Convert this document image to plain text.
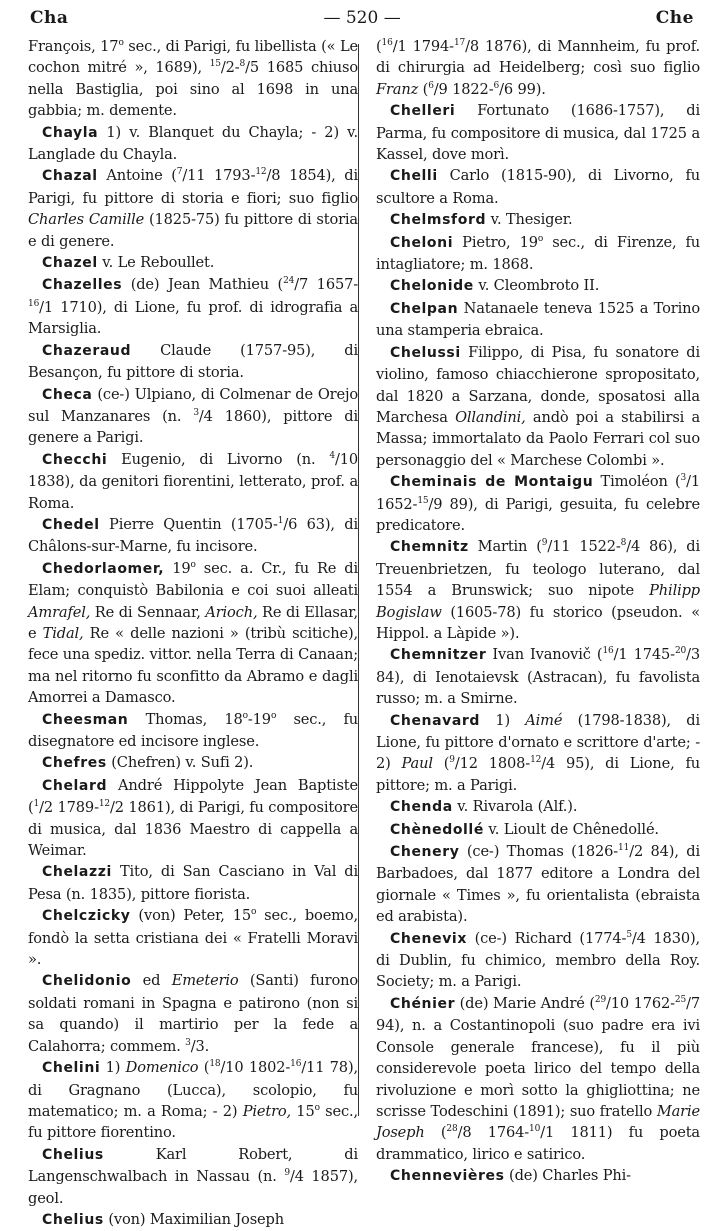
Cha	— 520 —	Che

François, 17$^o$ sec., di Parigi, fu libellista (« Le cochon mitré », 1689), $^{15}$/2-$^8$/5 1685 chiuso nella Bastiglia, poi sino al 1698 in una gabbia; m. demente.

Chayla 1) v. Blanquet du Chayla; - 2) v. Langlade du Chayla.

Chazal Antoine ($^7$/11 1793-$^{12}$/8 1854), di Parigi, fu pittore di storia e fiori; suo figlio Charles Camille (1825-75) fu pittore di storia e di genere.

Chazel v. Le Reboullet.

Chazelles (de) Jean Mathieu ($^{24}$/7 1657-$^{16}$/1 1710), di Lione, fu prof. di idrografia a Marsiglia.

Chazeraud Claude (1757-95), di Besançon, fu pittore di storia.

Checa (ce-) Ulpiano, di Colmenar de Orejo sul Manzanares (n. $^3$/4 1860), pittore di genere a Parigi.

Checchi Eugenio, di Livorno (n. $^4$/10 1838), da genitori fiorentini, letterato, prof. a Roma.

Chedel Pierre Quentin (1705-$^1$/6 63), di Châlons-sur-Marne, fu incisore.

Chedorlaomer, 19$^o$ sec. a. Cr., fu Re di Elam; conquistò Babilonia e coi suoi alleati Amrafel, Re di Sennaar, Arioch, Re di Ellasar, e Tidal, Re « delle nazioni » (tribù scitiche), fece una spediz. vittor. nella Terra di Canaan; ma nel ritorno fu sconfitto da Abramo e dagli Amorrei a Damasco.

Cheesman Thomas, 18$^o$-19$^o$ sec., fu disegnatore ed incisore inglese.

Chefres (Chefren) v. Sufi 2).

Chelard André Hippolyte Jean Baptiste ($^1$/2 1789-$^{12}$/2 1861), di Parigi, fu compositore di musica, dal 1836 Maestro di cappella a Weimar.

Chelazzi Tito, di San Casciano in Val di Pesa (n. 1835), pittore fiorista.

Chelczicky (von) Peter, 15$^o$ sec., boemo, fondò la setta cristiana dei « Fratelli Moravi ».

Chelidonio ed Emeterio (Santi) furono soldati romani in Spagna e patirono (non si sa quando) il martirio per la fede a Calahorra; commem. $^3$/3.

Chelini 1) Domenico ($^{18}$/10 1802-$^{16}$/11 78), di Gragnano (Lucca), scolopio, fu matematico; m. a Roma; - 2) Pietro, 15$^o$ sec., fu pittore fiorentino.

Chelius Karl Robert, di Langenschwalbach in Nassau (n. $^9$/4 1857), geol.

Chelius (von) Maximilian Joseph

($^{16}$/1 1794-$^{17}$/8 1876), di Mannheim, fu prof. di chirurgia ad Heidelberg; così suo figlio Franz ($^6$/9 1822-$^6$/6 99).

Chelleri Fortunato (1686-1757), di Parma, fu compositore di musica, dal 1725 a Kassel, dove morì.

Chelli Carlo (1815-90), di Livorno, fu scultore a Roma.

Chelmsford v. Thesiger.

Cheloni Pietro, 19$^o$ sec., di Firenze, fu intagliatore; m. 1868.

Chelonide v. Cleombroto II.

Chelpan Natanaele teneva 1525 a Torino una stamperia ebraica.

Chelussi Filippo, di Pisa, fu sonatore di violino, famoso chiacchierone spropositato, dal 1820 a Sarzana, donde, sposatosi alla Marchesa Ollandini, andò poi a stabilirsi a Massa; immortalato da Paolo Ferrari col suo personaggio del « Marchese Colombi ».

Cheminais de Montaigu Timoléon ($^3$/1 1652-$^{15}$/9 89), di Parigi, gesuita, fu celebre predicatore.

Chemnitz Martin ($^9$/11 1522-$^8$/4 86), di Treuenbrietzen, fu teologo luterano, dal 1554 a Brunswick; suo nipote Philipp Bogislaw (1605-78) fu storico (pseudon. « Hippol. a Làpide »).

Chemnitzer Ivan Ivanovič ($^{16}$/1 1745-$^{20}$/3 84), di Ienotaievsk (Astracan), fu favolista russo; m. a Smirne.

Chenavard 1) Aimé (1798-1838), di Lione, fu pittore d'ornato e scrittore d'arte; - 2) Paul ($^9$/12 1808-$^{12}$/4 95), di Lione, fu pittore; m. a Parigi.

Chenda v. Rivarola (Alf.).

Chènedollé v. Lioult de Chênedollé.

Chenery (ce-) Thomas (1826-$^{11}$/2 84), di Barbadoes, dal 1877 editore a Londra del giornale « Times », fu orientalista (ebraista ed arabista).

Chenevix (ce-) Richard (1774-$^5$/4 1830), di Dublin, fu chimico, membro della Roy. Society; m. a Parigi.

Chénier (de) Marie André ($^{29}$/10 1762-$^{25}$/7 94), n. a Costantinopoli (suo padre era ivi Console generale francese), fu il più considerevole poeta lirico del tempo della rivoluzione e morì sotto la ghigliottina; ne scrisse Todeschini (1891); suo fratello Marie Joseph ($^{28}$/8 1764-$^{10}$/1 1811) fu poeta drammatico, lirico e satirico.

Chennevières (de) Charles Phi-
